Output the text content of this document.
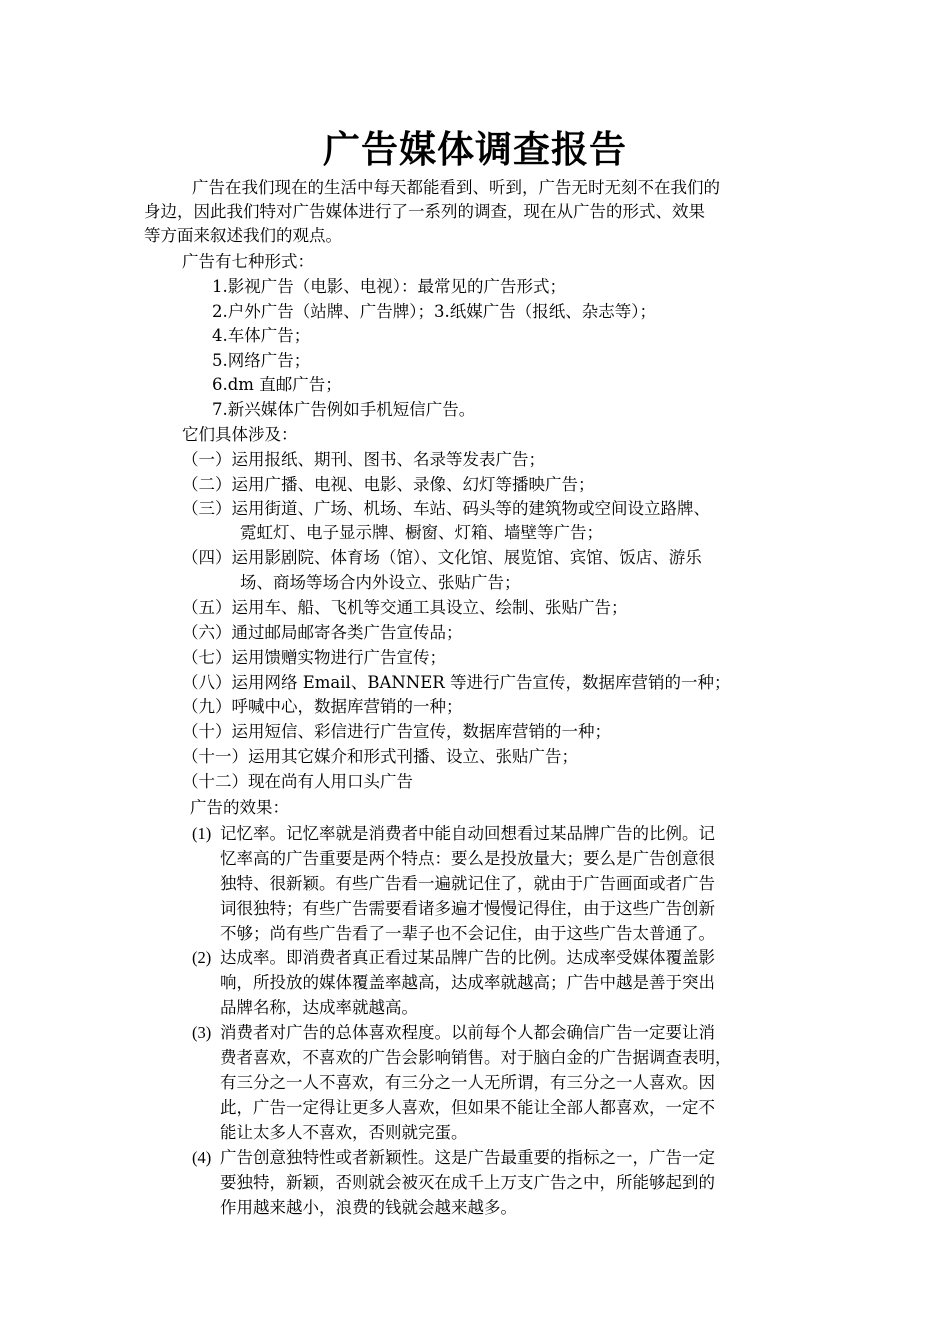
广告媒体调查报告
广告在我们现在的生活中每天都能看到、听到，广告无时无刻不在我们的
身边，因此我们特对广告媒体进行了一系列的调查，现在从广告的形式、效果
等方面来叙述我们的观点。
广告有七种形式：
1.影视广告（电影、电视）：最常见的广告形式；
2.户外广告（站牌、广告牌）；3.纸媒广告（报纸、杂志等）；
4.车体广告；
5.网络广告；
6.dm 直邮广告；
7.新兴媒体广告例如手机短信广告。
它们具体涉及：
（一）运用报纸、期刊、图书、名录等发表广告；
（二）运用广播、电视、电影、录像、幻灯等播映广告；
（三）运用街道、广场、机场、车站、码头等的建筑物或空间设立路牌、
霓虹灯、电子显示牌、橱窗、灯箱、墙壁等广告；
（四）运用影剧院、体育场（馆）、文化馆、展览馆、宾馆、饭店、游乐
场、商场等场合内外设立、张贴广告；
（五）运用车、船、飞机等交通工具设立、绘制、张贴广告；
（六）通过邮局邮寄各类广告宣传品；
（七）运用馈赠实物进行广告宣传；
（八）运用网络 Email、BANNER 等进行广告宣传，数据库营销的一种；
（九）呼喊中心，数据库营销的一种；
（十）运用短信、彩信进行广告宣传，数据库营销的一种；
（十一）运用其它媒介和形式刊播、设立、张贴广告；
（十二）现在尚有人用口头广告
广告的效果：
(1) 记忆率。记忆率就是消费者中能自动回想看过某品牌广告的比例。记
忆率高的广告重要是两个特点：要么是投放量大；要么是广告创意很
独特、很新颖。有些广告看一遍就记住了，就由于广告画面或者广告
词很独特；有些广告需要看诸多遍才慢慢记得住，由于这些广告创新
不够；尚有些广告看了一辈子也不会记住，由于这些广告太普通了。
(2) 达成率。即消费者真正看过某品牌广告的比例。达成率受媒体覆盖影
响，所投放的媒体覆盖率越高，达成率就越高；广告中越是善于突出
品牌名称，达成率就越高。
(3) 消费者对广告的总体喜欢程度。以前每个人都会确信广告一定要让消
费者喜欢，不喜欢的广告会影响销售。对于脑白金的广告据调查表明，
有三分之一人不喜欢，有三分之一人无所谓，有三分之一人喜欢。因
此，广告一定得让更多人喜欢，但如果不能让全部人都喜欢，一定不
能让太多人不喜欢，否则就完蛋。
(4) 广告创意独特性或者新颖性。这是广告最重要的指标之一，广告一定
要独特，新颖，否则就会被灭在成千上万支广告之中，所能够起到的
作用越来越小，浪费的钱就会越来越多。
